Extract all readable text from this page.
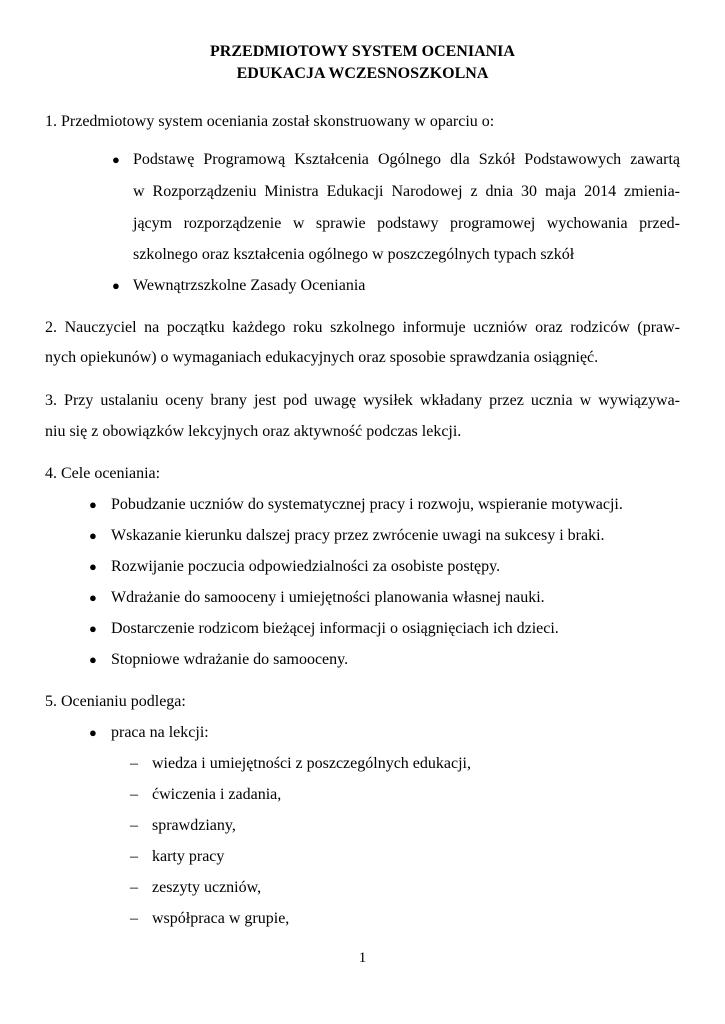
PRZEDMIOTOWY SYSTEM OCENIANIA
EDUKACJA WCZESNOSZKOLNA
1. Przedmiotowy system oceniania został skonstruowany w oparciu o:
● Podstawę Programową Kształcenia Ogólnego dla Szkół Podstawowych zawartą
w Rozporządzeniu Ministra Edukacji Narodowej z dnia 30 maja 2014 zmienia-
jącym rozporządzenie w sprawie podstawy programowej wychowania przed-
szkolnego oraz kształcenia ogólnego w poszczególnych typach szkół
● Wewnątrzszkolne Zasady Oceniania
2. Nauczyciel na początku każdego roku szkolnego informuje uczniów oraz rodziców (praw-
nych opiekunów) o wymaganiach edukacyjnych oraz sposobie sprawdzania osiągnięć.
3. Przy ustalaniu oceny brany jest pod uwagę wysiłek wkładany przez ucznia w wywiązywa-
niu się z obowiązków lekcyjnych oraz aktywność podczas lekcji.
4. Cele oceniania:
● Pobudzanie uczniów do systematycznej pracy i rozwoju, wspieranie motywacji.
● Wskazanie kierunku dalszej pracy przez zwrócenie uwagi na sukcesy i braki.
● Rozwijanie poczucia odpowiedzialności za osobiste postępy.
● Wdrażanie do samooceny i umiejętności planowania własnej nauki.
● Dostarczenie rodzicom bieżącej informacji o osiągnięciach ich dzieci.
● Stopniowe wdrażanie do samooceny.
5. Ocenianiu podlega:
● praca na lekcji:
– wiedza i umiejętności z poszczególnych edukacji,
– ćwiczenia i zadania,
– sprawdziany,
– karty pracy
– zeszyty uczniów,
– współpraca w grupie,
1
